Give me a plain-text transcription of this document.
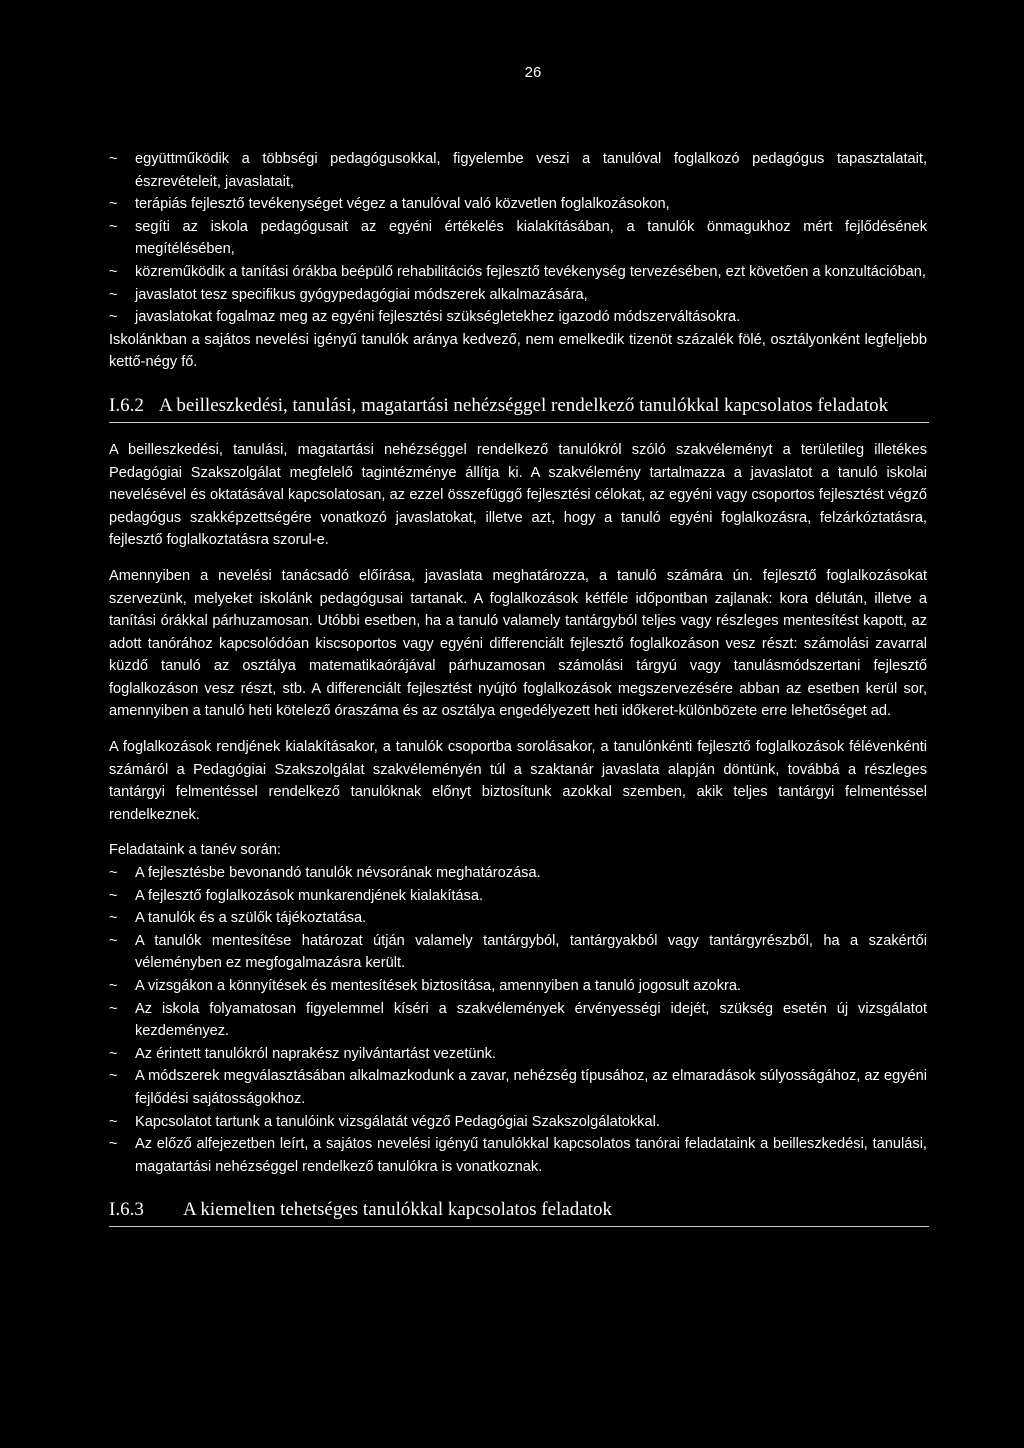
26
~ együttműködik a többségi pedagógusokkal, figyelembe veszi a tanulóval foglalkozó pedagógus tapasztalatait, észrevételeit, javaslatait,
~ terápiás fejlesztő tevékenységet végez a tanulóval való közvetlen foglalkozásokon,
~ segíti az iskola pedagógusait az egyéni értékelés kialakításában, a tanulók önmagukhoz mért fejlődésének megítélésében,
~ közreműködik a tanítási órákba beépülő rehabilitációs fejlesztő tevékenység tervezésében, ezt követően a konzultációban,
~ javaslatot tesz specifikus gyógypedagógiai módszerek alkalmazására,
~ javaslatokat fogalmaz meg az egyéni fejlesztési szükségletekhez igazodó módszerváltásokra.

Iskolánkban a sajátos nevelési igényű tanulók aránya kedvező, nem emelkedik tizenöt százalék fölé, osztályonként legfeljebb kettő-négy fő.

I.6.2 A beilleszkedési, tanulási, magatartási nehézséggel rendelkező tanulókkal kapcsolatos feladatok

A beilleszkedési, tanulási, magatartási nehézséggel rendelkező tanulókról szóló szakvéleményt a területileg illetékes Pedagógiai Szakszolgálat megfelelő tagintézménye állítja ki. A szakvélemény tartalmazza a javaslatot a tanuló iskolai nevelésével és oktatásával kapcsolatosan, az ezzel összefüggő fejlesztési célokat, az egyéni vagy csoportos fejlesztést végző pedagógus szakképzettségére vonatkozó javaslatokat, illetve azt, hogy a tanuló egyéni foglalkozásra, felzárkóztatásra, fejlesztő foglalkoztatásra szorul-e.

Amennyiben a nevelési tanácsadó előírása, javaslata meghatározza, a tanuló számára ún. fejlesztő foglalkozásokat szervezünk, melyeket iskolánk pedagógusai tartanak. A foglalkozások kétféle időpontban zajlanak: kora délután, illetve a tanítási órákkal párhuzamosan. Utóbbi esetben, ha a tanuló valamely tantárgyból teljes vagy részleges mentesítést kapott, az adott tanórához kapcsolódóan kiscsoportos vagy egyéni differenciált fejlesztő foglalkozáson vesz részt: számolási zavarral küzdő tanuló az osztálya matematikaórájával párhuzamosan számolási tárgyú vagy tanulásmódszertani fejlesztő foglalkozáson vesz részt, stb. A differenciált fejlesztést nyújtó foglalkozások megszervezésére abban az esetben kerül sor, amennyiben a tanuló heti kötelező óraszáma és az osztálya engedélyezett heti időkeret-különbözete erre lehetőséget ad.

A foglalkozások rendjének kialakításakor, a tanulók csoportba sorolásakor, a tanulónkénti fejlesztő foglalkozások félévenkénti számáról a Pedagógiai Szakszolgálat szakvéleményén túl a szaktanár javaslata alapján döntünk, továbbá a részleges tantárgyi felmentéssel rendelkező tanulóknak előnyt biztosítunk azokkal szemben, akik teljes tantárgyi felmentéssel rendelkeznek.

Feladataink a tanév során:

~ A fejlesztésbe bevonandó tanulók névsorának meghatározása.
~ A fejlesztő foglalkozások munkarendjének kialakítása.
~ A tanulók és a szülők tájékoztatása.
~ A tanulók mentesítése határozat útján valamely tantárgyból, tantárgyakból vagy tantárgyrészből, ha a szakértői véleményben ez megfogalmazásra került.
~ A vizsgákon a könnyítések és mentesítések biztosítása, amennyiben a tanuló jogosult azokra.
~ Az iskola folyamatosan figyelemmel kíséri a szakvélemények érvényességi idejét, szükség esetén új vizsgálatot kezdeményez.
~ Az érintett tanulókról naprakész nyilvántartást vezetünk.
~ A módszerek megválasztásában alkalmazkodunk a zavar, nehézség típusához, az elmaradások súlyosságához, az egyéni fejlődési sajátosságokhoz.
~ Kapcsolatot tartunk a tanulóink vizsgálatát végző Pedagógiai Szakszolgálatokkal.
~ Az előző alfejezetben leírt, a sajátos nevelési igényű tanulókkal kapcsolatos tanórai feladataink a beilleszkedési, tanulási, magatartási nehézséggel rendelkező tanulókra is vonatkoznak.
I.6.3	A kiemelten tehetséges tanulókkal kapcsolatos feladatok
